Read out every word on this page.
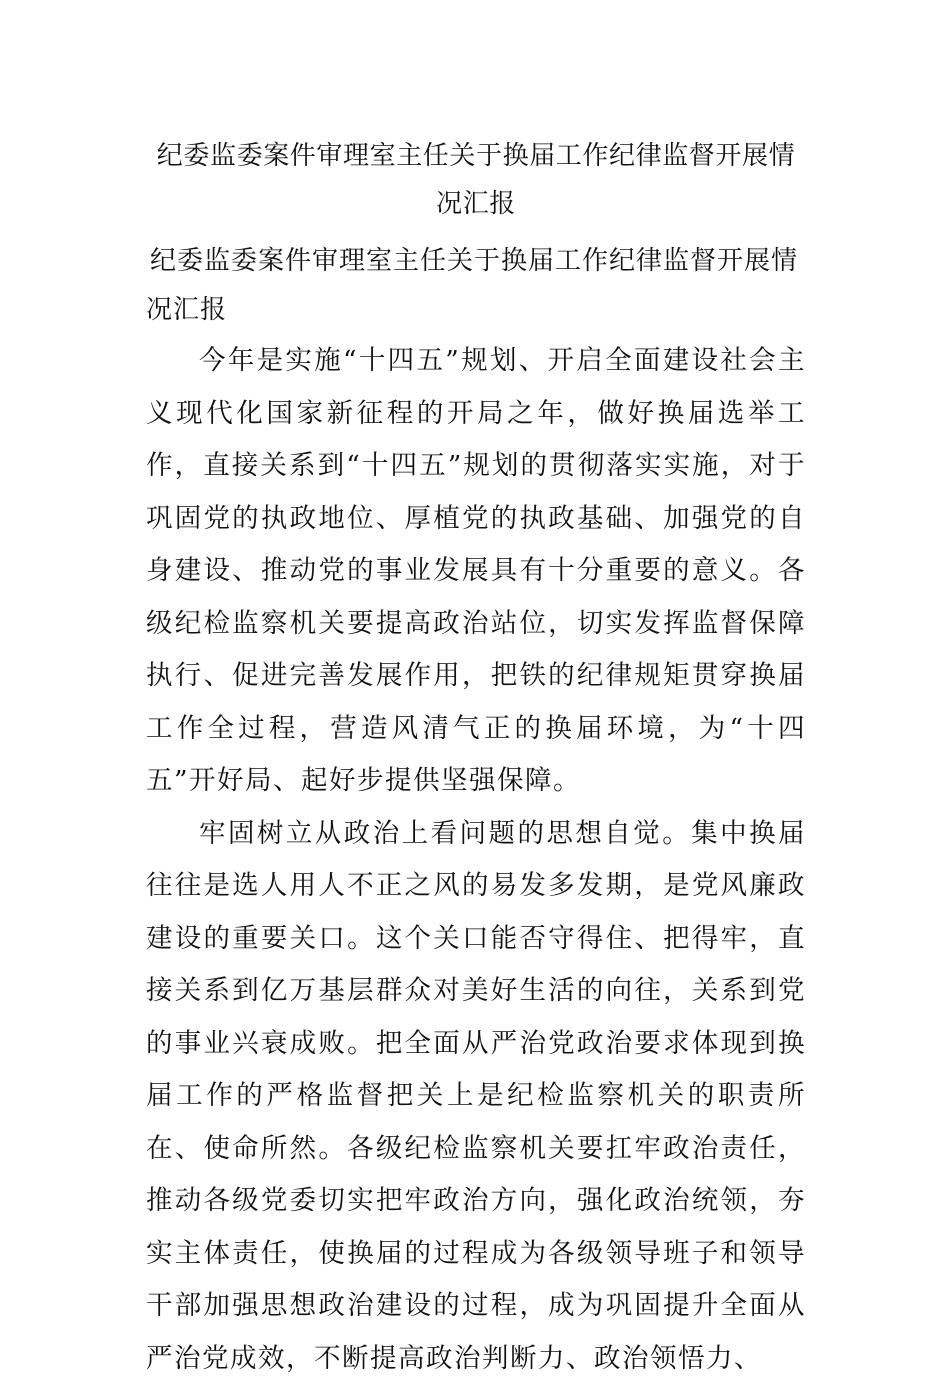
纪委监委案件审理室主任关于换届工作纪律监督开展情况汇报

纪委监委案件审理室主任关于换届工作纪律监督开展情况汇报

今年是实施“十四五”规划、开启全面建设社会主义现代化国家新征程的开局之年，做好换届选举工作，直接关系到“十四五”规划的贯彻落实实施，对于巩固党的执政地位、厚植党的执政基础、加强党的自身建设、推动党的事业发展具有十分重要的意义。各级纪检监察机关要提高政治站位，切实发挥监督保障执行、促进完善发展作用，把铁的纪律规矩贯穿换届工作全过程，营造风清气正的换届环境，为“十四五”开好局、起好步提供坚强保障。

牢固树立从政治上看问题的思想自觉。集中换届往往是选人用人不正之风的易发多发期，是党风廉政建设的重要关口。这个关口能否守得住、把得牢，直接关系到亿万基层群众对美好生活的向往，关系到党的事业兴衰成败。把全面从严治党政治要求体现到换届工作的严格监督把关上是纪检监察机关的职责所在、使命所然。各级纪检监察机关要扛牢政治责任，推动各级党委切实把牢政治方向，强化政治统领，夯实主体责任，使换届的过程成为各级领导班子和领导干部加强思想政治建设的过程，成为巩固提升全面从严治党成效，不断提高政治判断力、政治领悟力、
